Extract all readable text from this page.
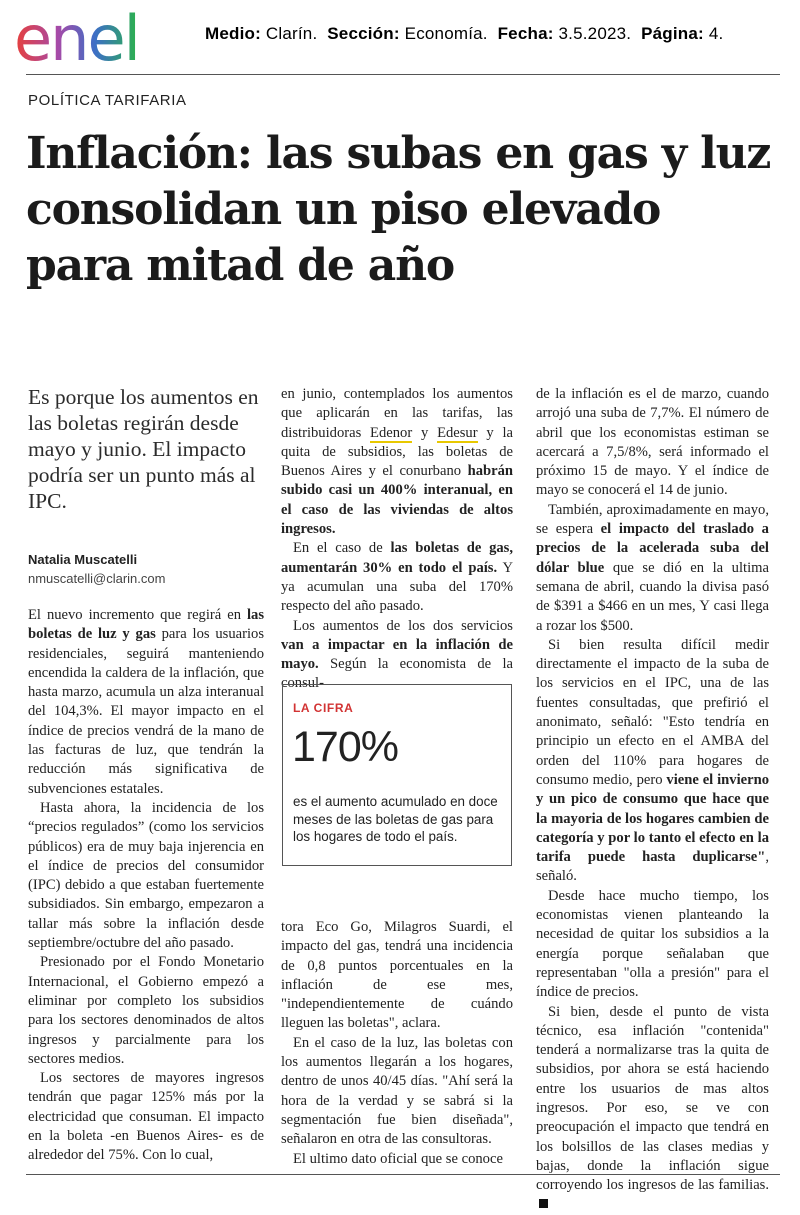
enel	Medio: Clarín. Sección: Economía. Fecha: 3.5.2023. Página: 4.
POLÍTICA TARIFARIA
Inflación: las subas en gas y luz consolidan un piso elevado para mitad de año
Es porque los aumentos en las boletas regirán desde mayo y junio. El impacto podría ser un punto más al IPC.
Natalia Muscatelli
nmuscatelli@clarin.com

El nuevo incremento que regirá en las boletas de luz y gas para los usuarios residenciales, seguirá manteniendo encendida la caldera de la inflación, que hasta marzo, acumula un alza interanual del 104,3%. El mayor impacto en el índice de precios vendrá de la mano de las facturas de luz, que tendrán la reducción más significativa de subvenciones estatales.

Hasta ahora, la incidencia de los “precios regulados” (como los servicios públicos) era de muy baja injerencia en el índice de precios del consumidor (IPC) debido a que estaban fuertemente subsidiados. Sin embargo, empezaron a tallar más sobre la inflación desde septiembre/octubre del año pasado.

Presionado por el Fondo Monetario Internacional, el Gobierno empezó a eliminar por completo los subsidios para los sectores denominados de altos ingresos y parcialmente para los sectores medios.

Los sectores de mayores ingresos tendrán que pagar 125% más por la electricidad que consuman. El impacto en la boleta -en Buenos Aires- es de alrededor del 75%. Con lo cual,

en junio, contemplados los aumentos que aplicarán en las tarifas, las distribuidoras Edenor y Edesur y la quita de subsidios, las boletas de Buenos Aires y el conurbano habrán subido casi un 400% interanual, en el caso de las viviendas de altos ingresos.

En el caso de las boletas de gas, aumentarán 30% en todo el país. Y ya acumulan una suba del 170% respecto del año pasado.

Los aumentos de los dos servicios van a impactar en la inflación de mayo. Según la economista de la consul-

LA CIFRA
170%
es el aumento acumulado en doce meses de las boletas de gas para los hogares de todo el país.

tora Eco Go, Milagros Suardi, el impacto del gas, tendrá una incidencia de 0,8 puntos porcentuales en la inflación de ese mes, "independientemente de cuándo lleguen las boletas", aclara.

En el caso de la luz, las boletas con los aumentos llegarán a los hogares, dentro de unos 40/45 días. "Ahí será la hora de la verdad y se sabrá si la segmentación fue bien diseñada", señalaron en otra de las consultoras.

El ultimo dato oficial que se conoce

de la inflación es el de marzo, cuando arrojó una suba de 7,7%. El número de abril que los economistas estiman se acercará a 7,5/8%, será informado el próximo 15 de mayo. Y el índice de mayo se conocerá el 14 de junio.

También, aproximadamente en mayo, se espera el impacto del traslado a precios de la acelerada suba del dólar blue que se dió en la ultima semana de abril, cuando la divisa pasó de $391 a $466 en un mes, Y casi llega a rozar los $500.

Si bien resulta difícil medir directamente el impacto de la suba de los servicios en el IPC, una de las fuentes consultadas, que prefirió el anonimato, señaló: "Esto tendría en principio un efecto en el AMBA del orden del 110% para hogares de consumo medio, pero viene el invierno y un pico de consumo que hace que la mayoria de los hogares cambien de categoría y por lo tanto el efecto en la tarifa puede hasta duplicarse", señaló.

Desde hace mucho tiempo, los economistas vienen planteando la necesidad de quitar los subsidios a la energía porque señalaban que representaban "olla a presión" para el índice de precios.

Si bien, desde el punto de vista técnico, esa inflación "contenida" tenderá a normalizarse tras la quita de subsidios, por ahora se está haciendo entre los usuarios de mas altos ingresos. Por eso, se ve con preocupación el impacto que tendrá en los bolsillos de las clases medias y bajas, donde la inflación sigue corroyendo los ingresos de las familias.
